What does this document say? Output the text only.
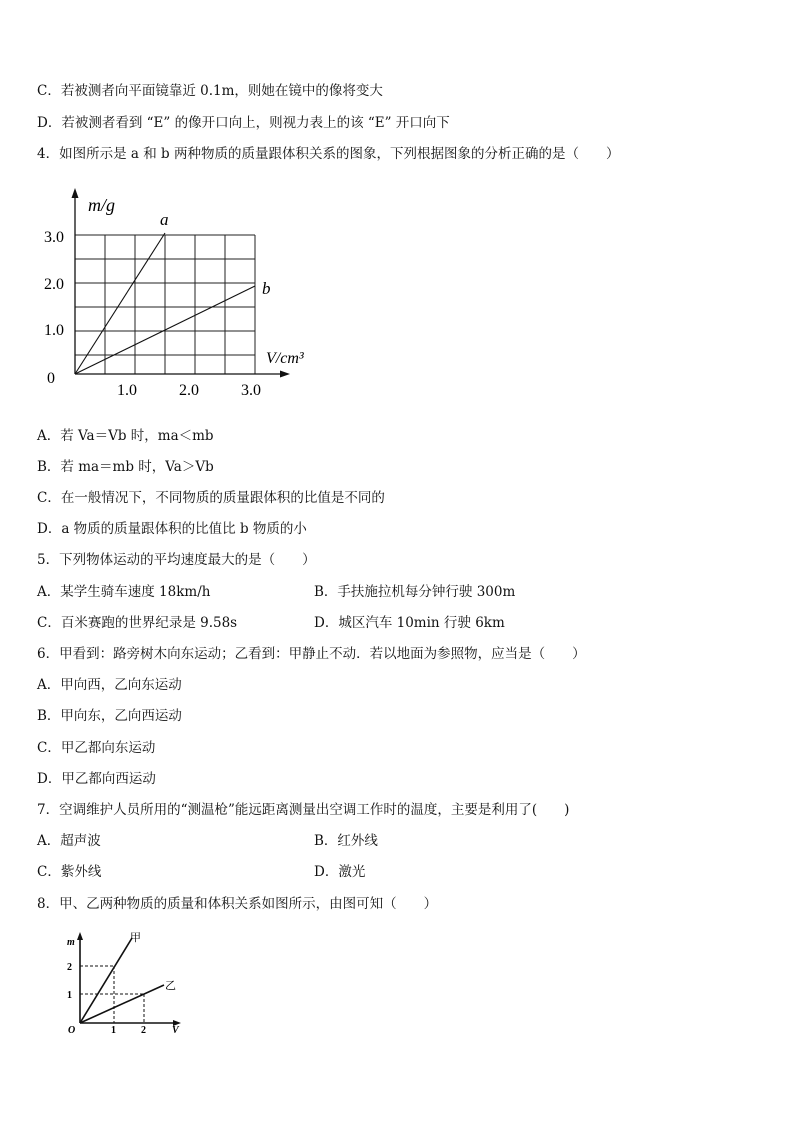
C．若被测者向平面镜靠近 0.1m，则她在镜中的像将变大
D．若被测者看到 “E” 的像开口向上，则视力表上的该 “E” 开口向下
4．如图所示是 a 和 b 两种物质的质量跟体积关系的图象，下列根据图象的分析正确的是（　　）
m/g
a
b
V/cm³
3.0
2.0
1.0
0
1.0	2.0	3.0
A．若 Va＝Vb 时，ma＜mb
B．若 ma＝mb 时，Va＞Vb
C．在一般情况下，不同物质的质量跟体积的比值是不同的
D．a 物质的质量跟体积的比值比 b 物质的小
5．下列物体运动的平均速度最大的是（　　）
A．某学生骑车速度 18km/h	B．手扶施拉机每分钟行驶 300m
C．百米赛跑的世界纪录是 9.58s	D．城区汽车 10min 行驶 6km
6．甲看到：路旁树木向东运动；乙看到：甲静止不动．若以地面为参照物，应当是（　　）
A．甲向西，乙向东运动
B．甲向东，乙向西运动
C．甲乙都向东运动
D．甲乙都向西运动
7．空调维护人员所用的“测温枪”能远距离测量出空调工作时的温度，主要是利用了(　　)
A．超声波	B．红外线
C．紫外线	D．激光
8．甲、乙两种物质的质量和体积关系如图所示，由图可知（　　）
m	甲
乙
2
1
O	1	2	V
